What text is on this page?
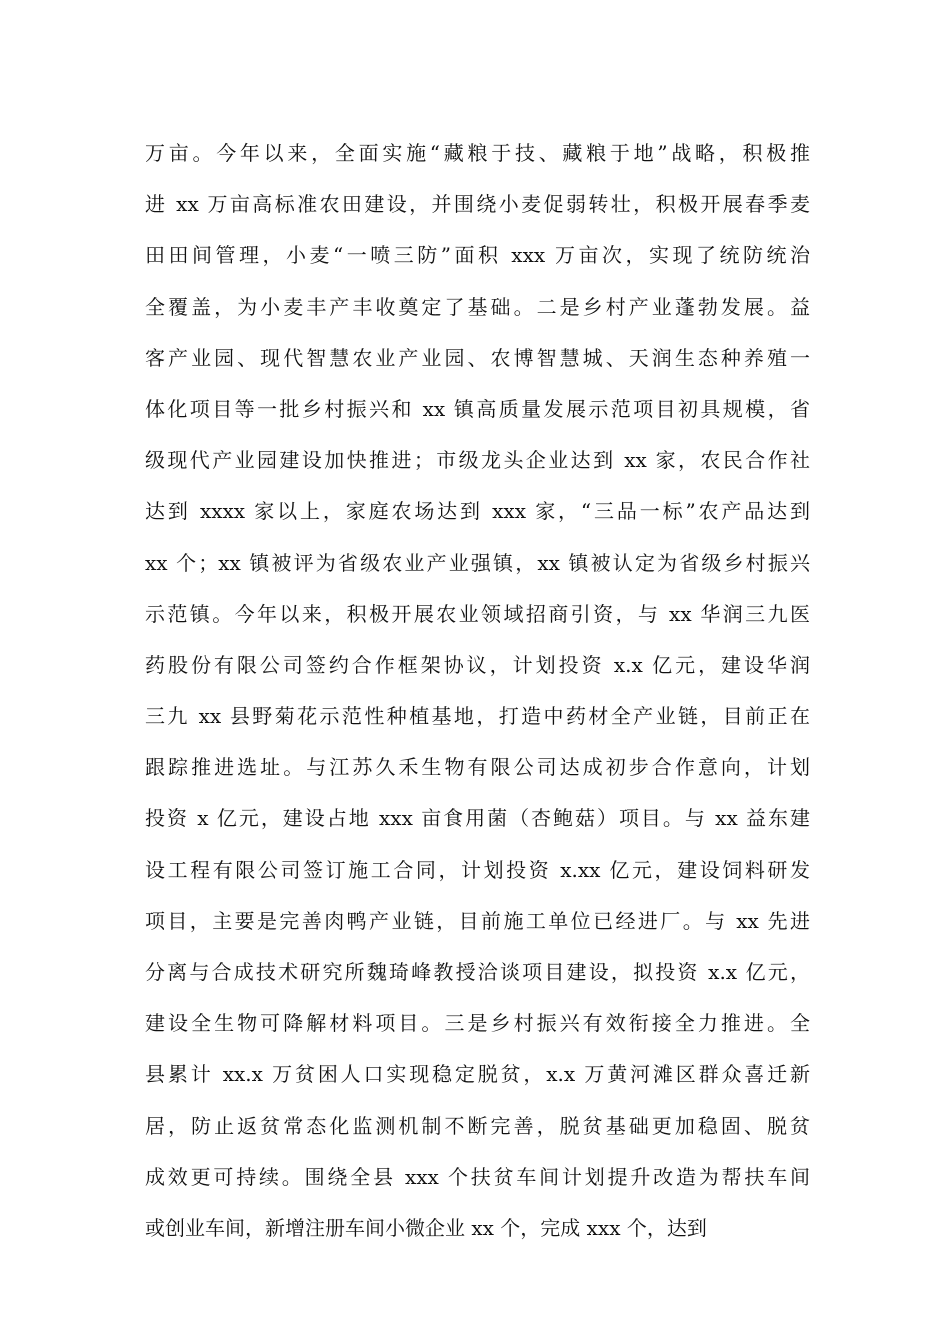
万亩。今年以来，全面实施“藏粮于技、藏粮于地”战略，积极推
进 xx 万亩高标准农田建设，并围绕小麦促弱转壮，积极开展春季麦
田田间管理，小麦“一喷三防”面积 xxx 万亩次，实现了统防统治
全覆盖，为小麦丰产丰收奠定了基础。二是乡村产业蓬勃发展。益
客产业园、现代智慧农业产业园、农博智慧城、天润生态种养殖一
体化项目等一批乡村振兴和 xx 镇高质量发展示范项目初具规模，省
级现代产业园建设加快推进；市级龙头企业达到 xx 家，农民合作社
达到 xxxx 家以上，家庭农场达到 xxx 家，“三品一标”农产品达到
xx 个；xx 镇被评为省级农业产业强镇，xx 镇被认定为省级乡村振兴
示范镇。今年以来，积极开展农业领域招商引资，与 xx 华润三九医
药股份有限公司签约合作框架协议，计划投资 x.x 亿元，建设华润
三九 xx 县野菊花示范性种植基地，打造中药材全产业链，目前正在
跟踪推进选址。与江苏久禾生物有限公司达成初步合作意向，计划
投资 x 亿元，建设占地 xxx 亩食用菌（杏鲍菇）项目。与 xx 益东建
设工程有限公司签订施工合同，计划投资 x.xx 亿元，建设饲料研发
项目，主要是完善肉鸭产业链，目前施工单位已经进厂。与 xx 先进
分离与合成技术研究所魏琦峰教授洽谈项目建设，拟投资 x.x 亿元，
建设全生物可降解材料项目。三是乡村振兴有效衔接全力推进。全
县累计 xx.x 万贫困人口实现稳定脱贫，x.x 万黄河滩区群众喜迁新
居，防止返贫常态化监测机制不断完善，脱贫基础更加稳固、脱贫
成效更可持续。围绕全县 xxx 个扶贫车间计划提升改造为帮扶车间
或创业车间，新增注册车间小微企业 xx 个，完成 xxx 个，达到
